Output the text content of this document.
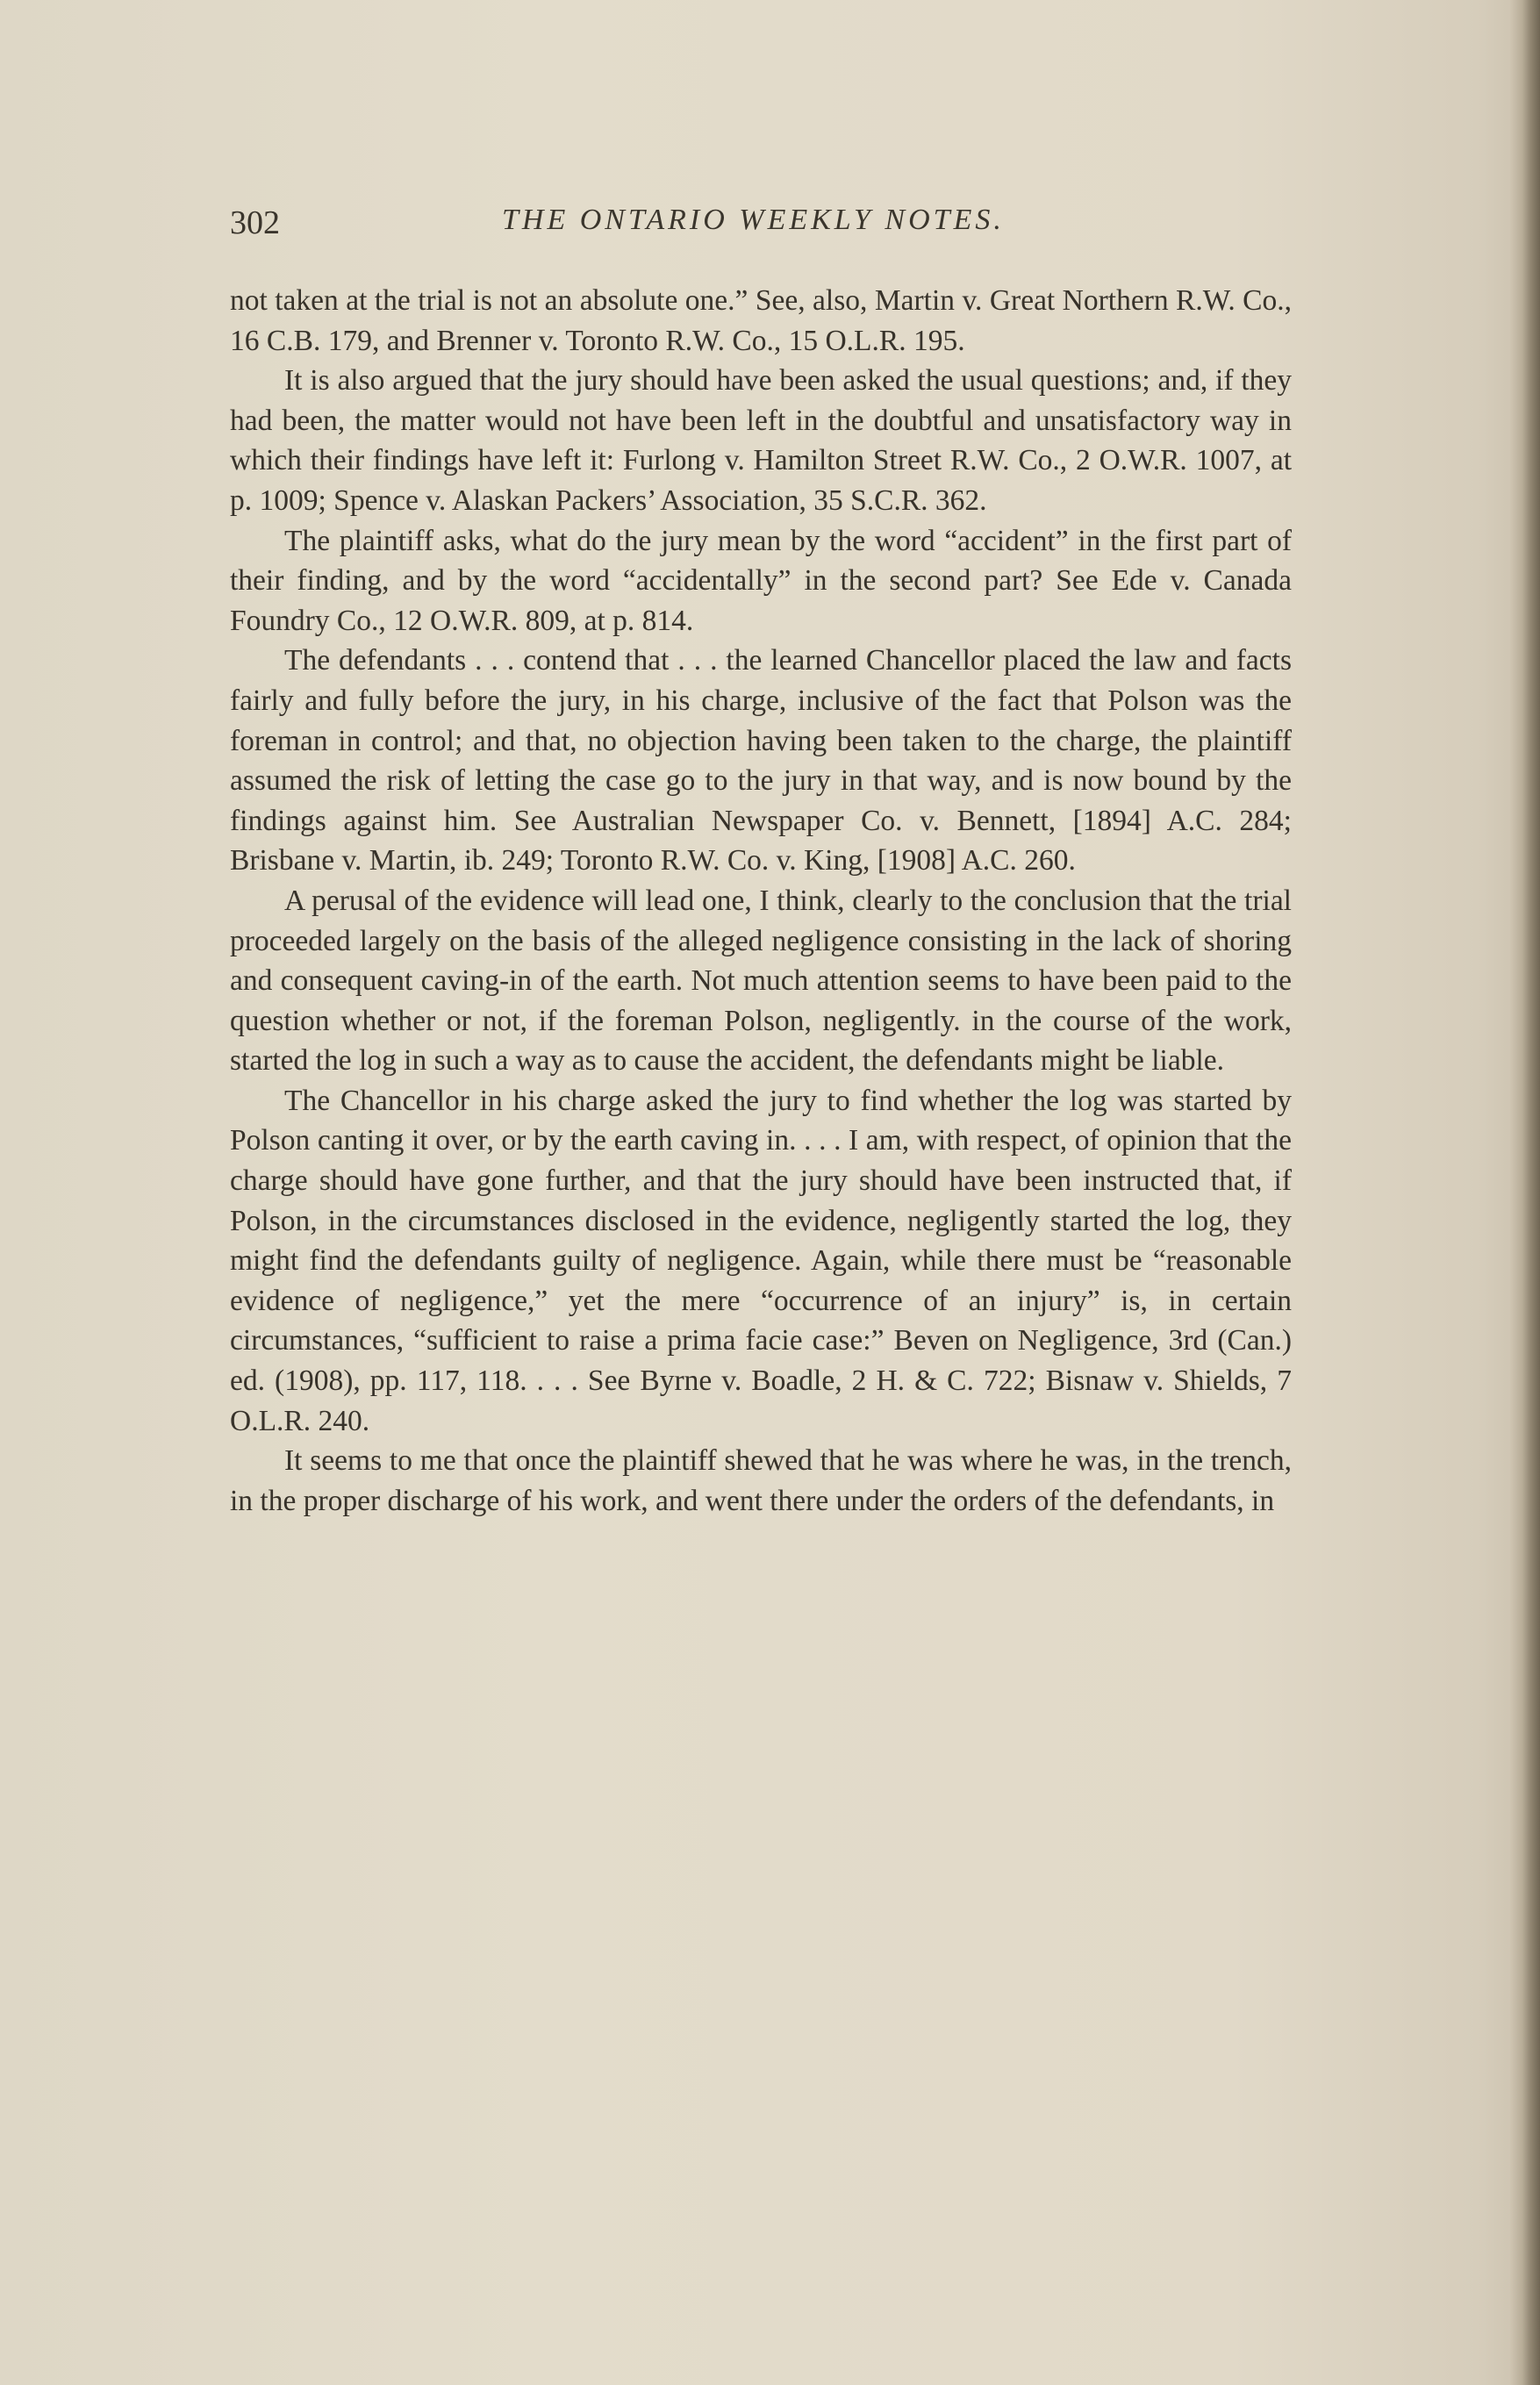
302	THE ONTARIO WEEKLY NOTES.

not taken at the trial is not an absolute one.” See, also, Martin v. Great Northern R.W. Co., 16 C.B. 179, and Brenner v. Toronto R.W. Co., 15 O.L.R. 195.

It is also argued that the jury should have been asked the usual questions; and, if they had been, the matter would not have been left in the doubtful and unsatisfactory way in which their findings have left it: Furlong v. Hamilton Street R.W. Co., 2 O.W.R. 1007, at p. 1009; Spence v. Alaskan Packers’ Association, 35 S.C.R. 362.

The plaintiff asks, what do the jury mean by the word “accident” in the first part of their finding, and by the word “accidentally” in the second part? See Ede v. Canada Foundry Co., 12 O.W.R. 809, at p. 814.

The defendants . . . contend that . . . the learned Chancellor placed the law and facts fairly and fully before the jury, in his charge, inclusive of the fact that Polson was the foreman in control; and that, no objection having been taken to the charge, the plaintiff assumed the risk of letting the case go to the jury in that way, and is now bound by the findings against him. See Australian Newspaper Co. v. Bennett, [1894] A.C. 284; Brisbane v. Martin, ib. 249; Toronto R.W. Co. v. King, [1908] A.C. 260.

A perusal of the evidence will lead one, I think, clearly to the conclusion that the trial proceeded largely on the basis of the alleged negligence consisting in the lack of shoring and consequent caving-in of the earth. Not much attention seems to have been paid to the question whether or not, if the foreman Polson, negligently. in the course of the work, started the log in such a way as to cause the accident, the defendants might be liable.

The Chancellor in his charge asked the jury to find whether the log was started by Polson canting it over, or by the earth caving in. . . . I am, with respect, of opinion that the charge should have gone further, and that the jury should have been instructed that, if Polson, in the circumstances disclosed in the evidence, negligently started the log, they might find the defendants guilty of negligence. Again, while there must be “reasonable evidence of negligence,” yet the mere “occurrence of an injury” is, in certain circumstances, “sufficient to raise a prima facie case:” Beven on Negligence, 3rd (Can.) ed. (1908), pp. 117, 118. . . . See Byrne v. Boadle, 2 H. & C. 722; Bisnaw v. Shields, 7 O.L.R. 240.

It seems to me that once the plaintiff shewed that he was where he was, in the trench, in the proper discharge of his work, and went there under the orders of the defendants, in
